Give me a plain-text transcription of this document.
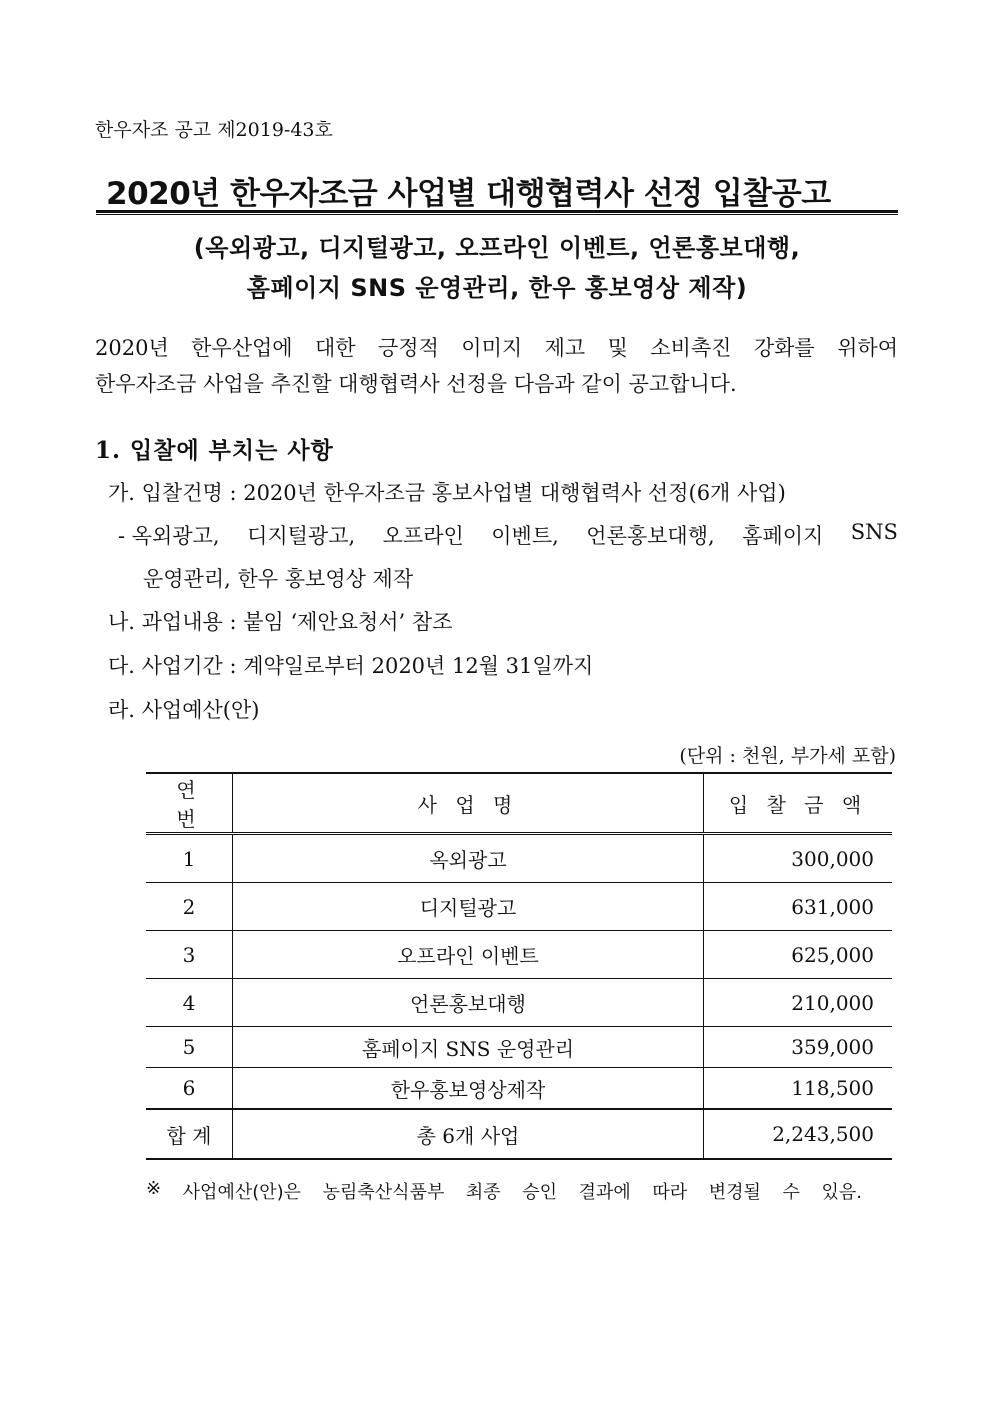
한우자조 공고 제2019-43호
2020년 한우자조금 사업별 대행협력사 선정 입찰공고
(옥외광고, 디지털광고, 오프라인 이벤트, 언론홍보대행,
홈페이지 SNS 운영관리, 한우 홍보영상 제작)
2020년 한우산업에 대한 긍정적 이미지 제고 및 소비촉진 강화를 위하여
한우자조금 사업을 추진할 대행협력사 선정을 다음과 같이 공고합니다.
1. 입찰에 부치는 사항
가. 입찰건명 : 2020년 한우자조금 홍보사업별 대행협력사 선정(6개 사업)
- 옥외광고, 디지털광고, 오프라인 이벤트, 언론홍보대행, 홈페이지 SNS
운영관리, 한우 홍보영상 제작
나. 과업내용 : 붙임 ‘제안요청서’ 참조
다. 사업기간 : 계약일로부터 2020년 12월 31일까지
라. 사업예산(안)
(단위 : 천원, 부가세 포함)
연 번	사 업 명	입 찰 금 액
1	옥외광고	300,000
2	디지털광고	631,000
3	오프라인 이벤트	625,000
4	언론홍보대행	210,000
5	홈페이지 SNS 운영관리	359,000
6	한우홍보영상제작	118,500
합 계	총 6개 사업	2,243,500
※ 사업예산(안)은 농림축산식품부 최종 승인 결과에 따라 변경될 수 있음.
